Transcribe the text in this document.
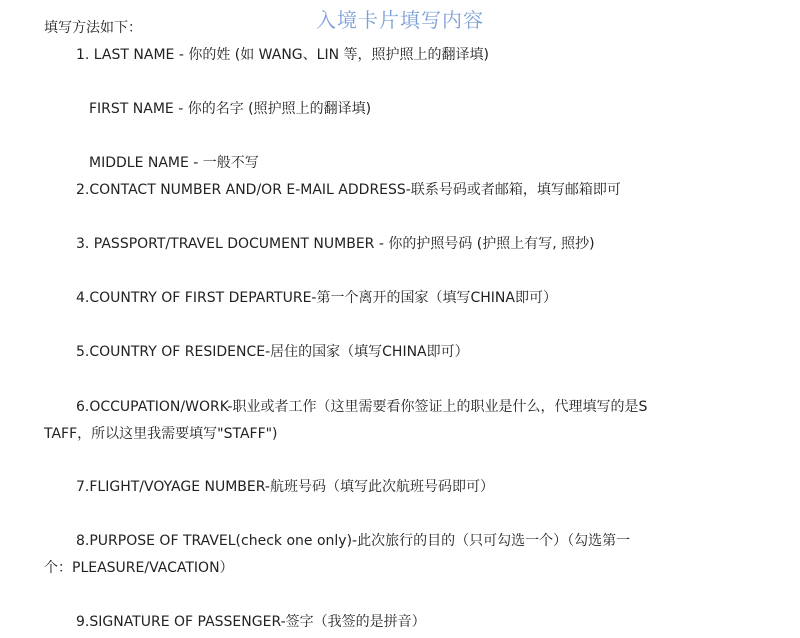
入境卡片填写内容
填写方法如下：
1. LAST NAME - 你的姓 (如 WANG、LIN 等，照护照上的翻译填)
FIRST NAME - 你的名字 (照护照上的翻译填)
MIDDLE NAME - 一般不写
2.CONTACT NUMBER AND/OR E-MAIL ADDRESS-联系号码或者邮箱，填写邮箱即可
3. PASSPORT/TRAVEL DOCUMENT NUMBER - 你的护照号码 (护照上有写, 照抄)
4.COUNTRY OF FIRST DEPARTURE-第一个离开的国家（填写CHINA即可）
5.COUNTRY OF RESIDENCE-居住的国家（填写CHINA即可）
6.OCCUPATION/WORK-职业或者工作（这里需要看你签证上的职业是什么，代理填写的是S
TAFF，所以这里我需要填写"STAFF")
7.FLIGHT/VOYAGE NUMBER-航班号码（填写此次航班号码即可）
8.PURPOSE OF TRAVEL(check one only)-此次旅行的目的（只可勾选一个）（勾选第一
个：PLEASURE/VACATION）
9.SIGNATURE OF PASSENGER-签字（我签的是拼音）
